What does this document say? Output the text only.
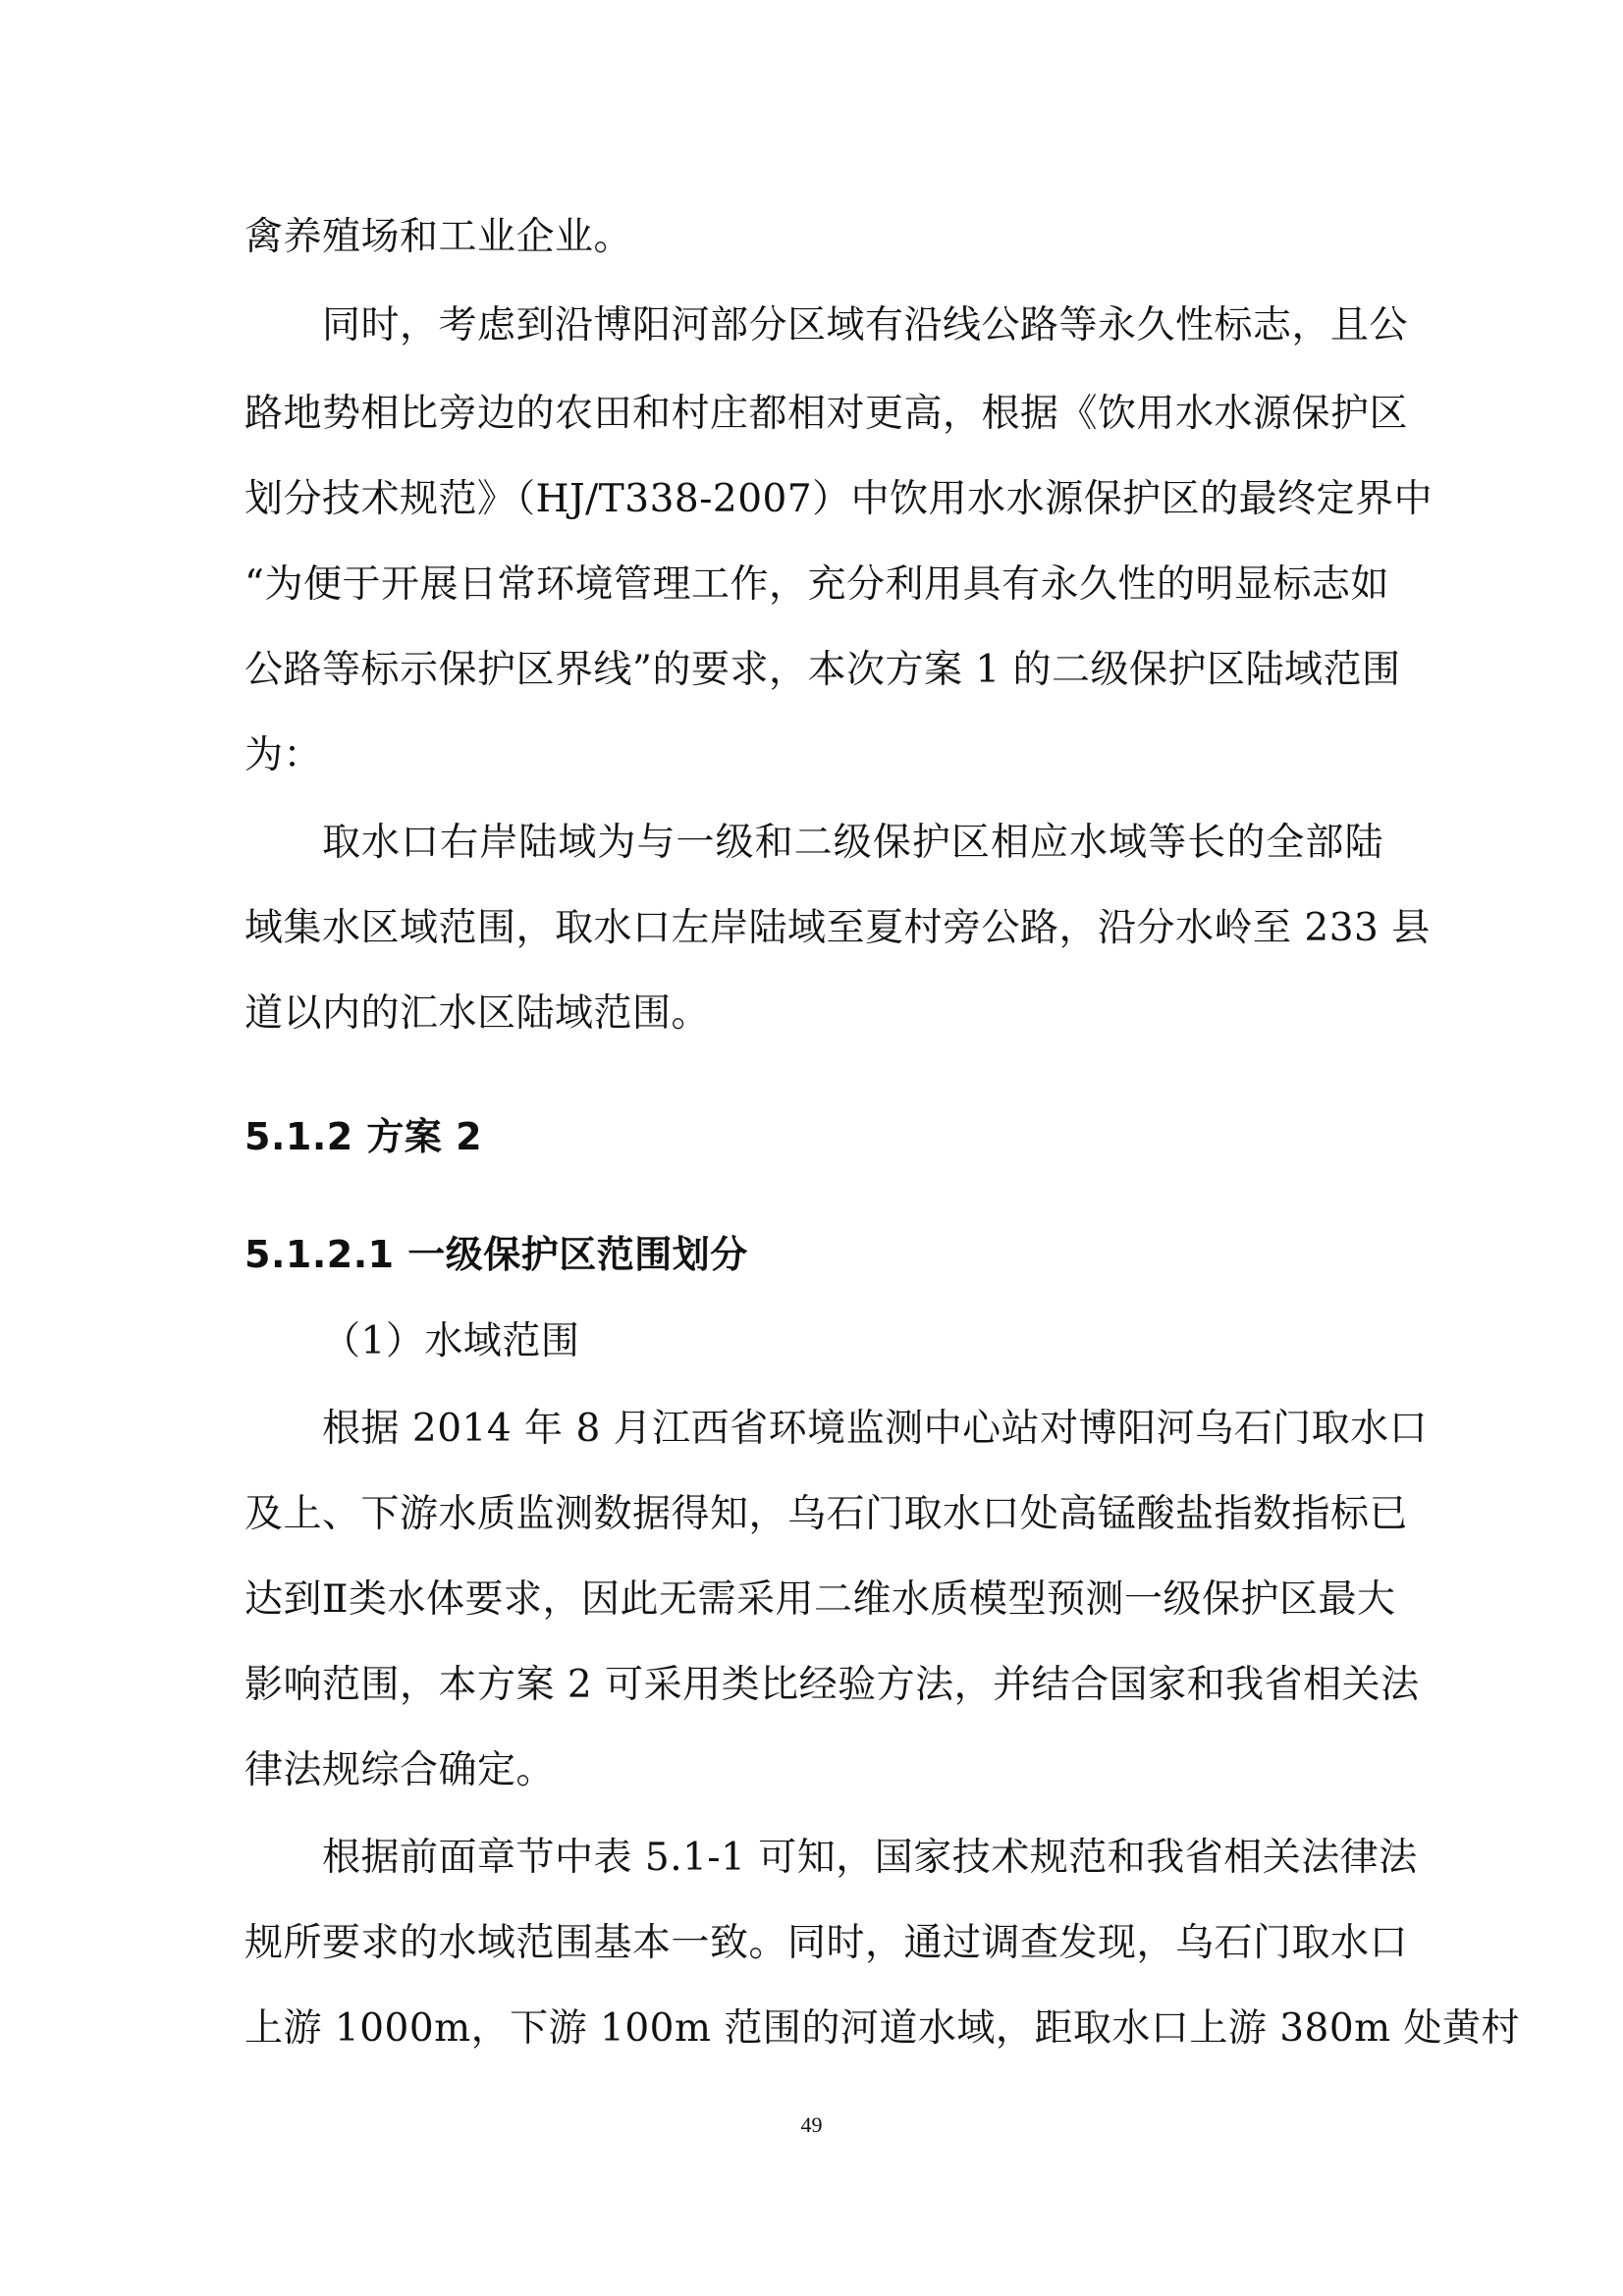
禽养殖场和工业企业。
同时，考虑到沿博阳河部分区域有沿线公路等永久性标志，且公
路地势相比旁边的农田和村庄都相对更高，根据《饮用水水源保护区
划分技术规范》（HJ/T338-2007）中饮用水水源保护区的最终定界中
“为便于开展日常环境管理工作，充分利用具有永久性的明显标志如
公路等标示保护区界线”的要求，本次方案 1 的二级保护区陆域范围
为：
取水口右岸陆域为与一级和二级保护区相应水域等长的全部陆
域集水区域范围，取水口左岸陆域至夏村旁公路，沿分水岭至 233 县
道以内的汇水区陆域范围。
5.1.2 方案 2
5.1.2.1 一级保护区范围划分
（1）水域范围
根据 2014 年 8 月江西省环境监测中心站对博阳河乌石门取水口
及上、下游水质监测数据得知，乌石门取水口处高锰酸盐指数指标已
达到Ⅱ类水体要求，因此无需采用二维水质模型预测一级保护区最大
影响范围，本方案 2 可采用类比经验方法，并结合国家和我省相关法
律法规综合确定。
根据前面章节中表 5.1-1 可知，国家技术规范和我省相关法律法
规所要求的水域范围基本一致。同时，通过调查发现，乌石门取水口
上游 1000m，下游 100m 范围的河道水域，距取水口上游 380m 处黄村
49
